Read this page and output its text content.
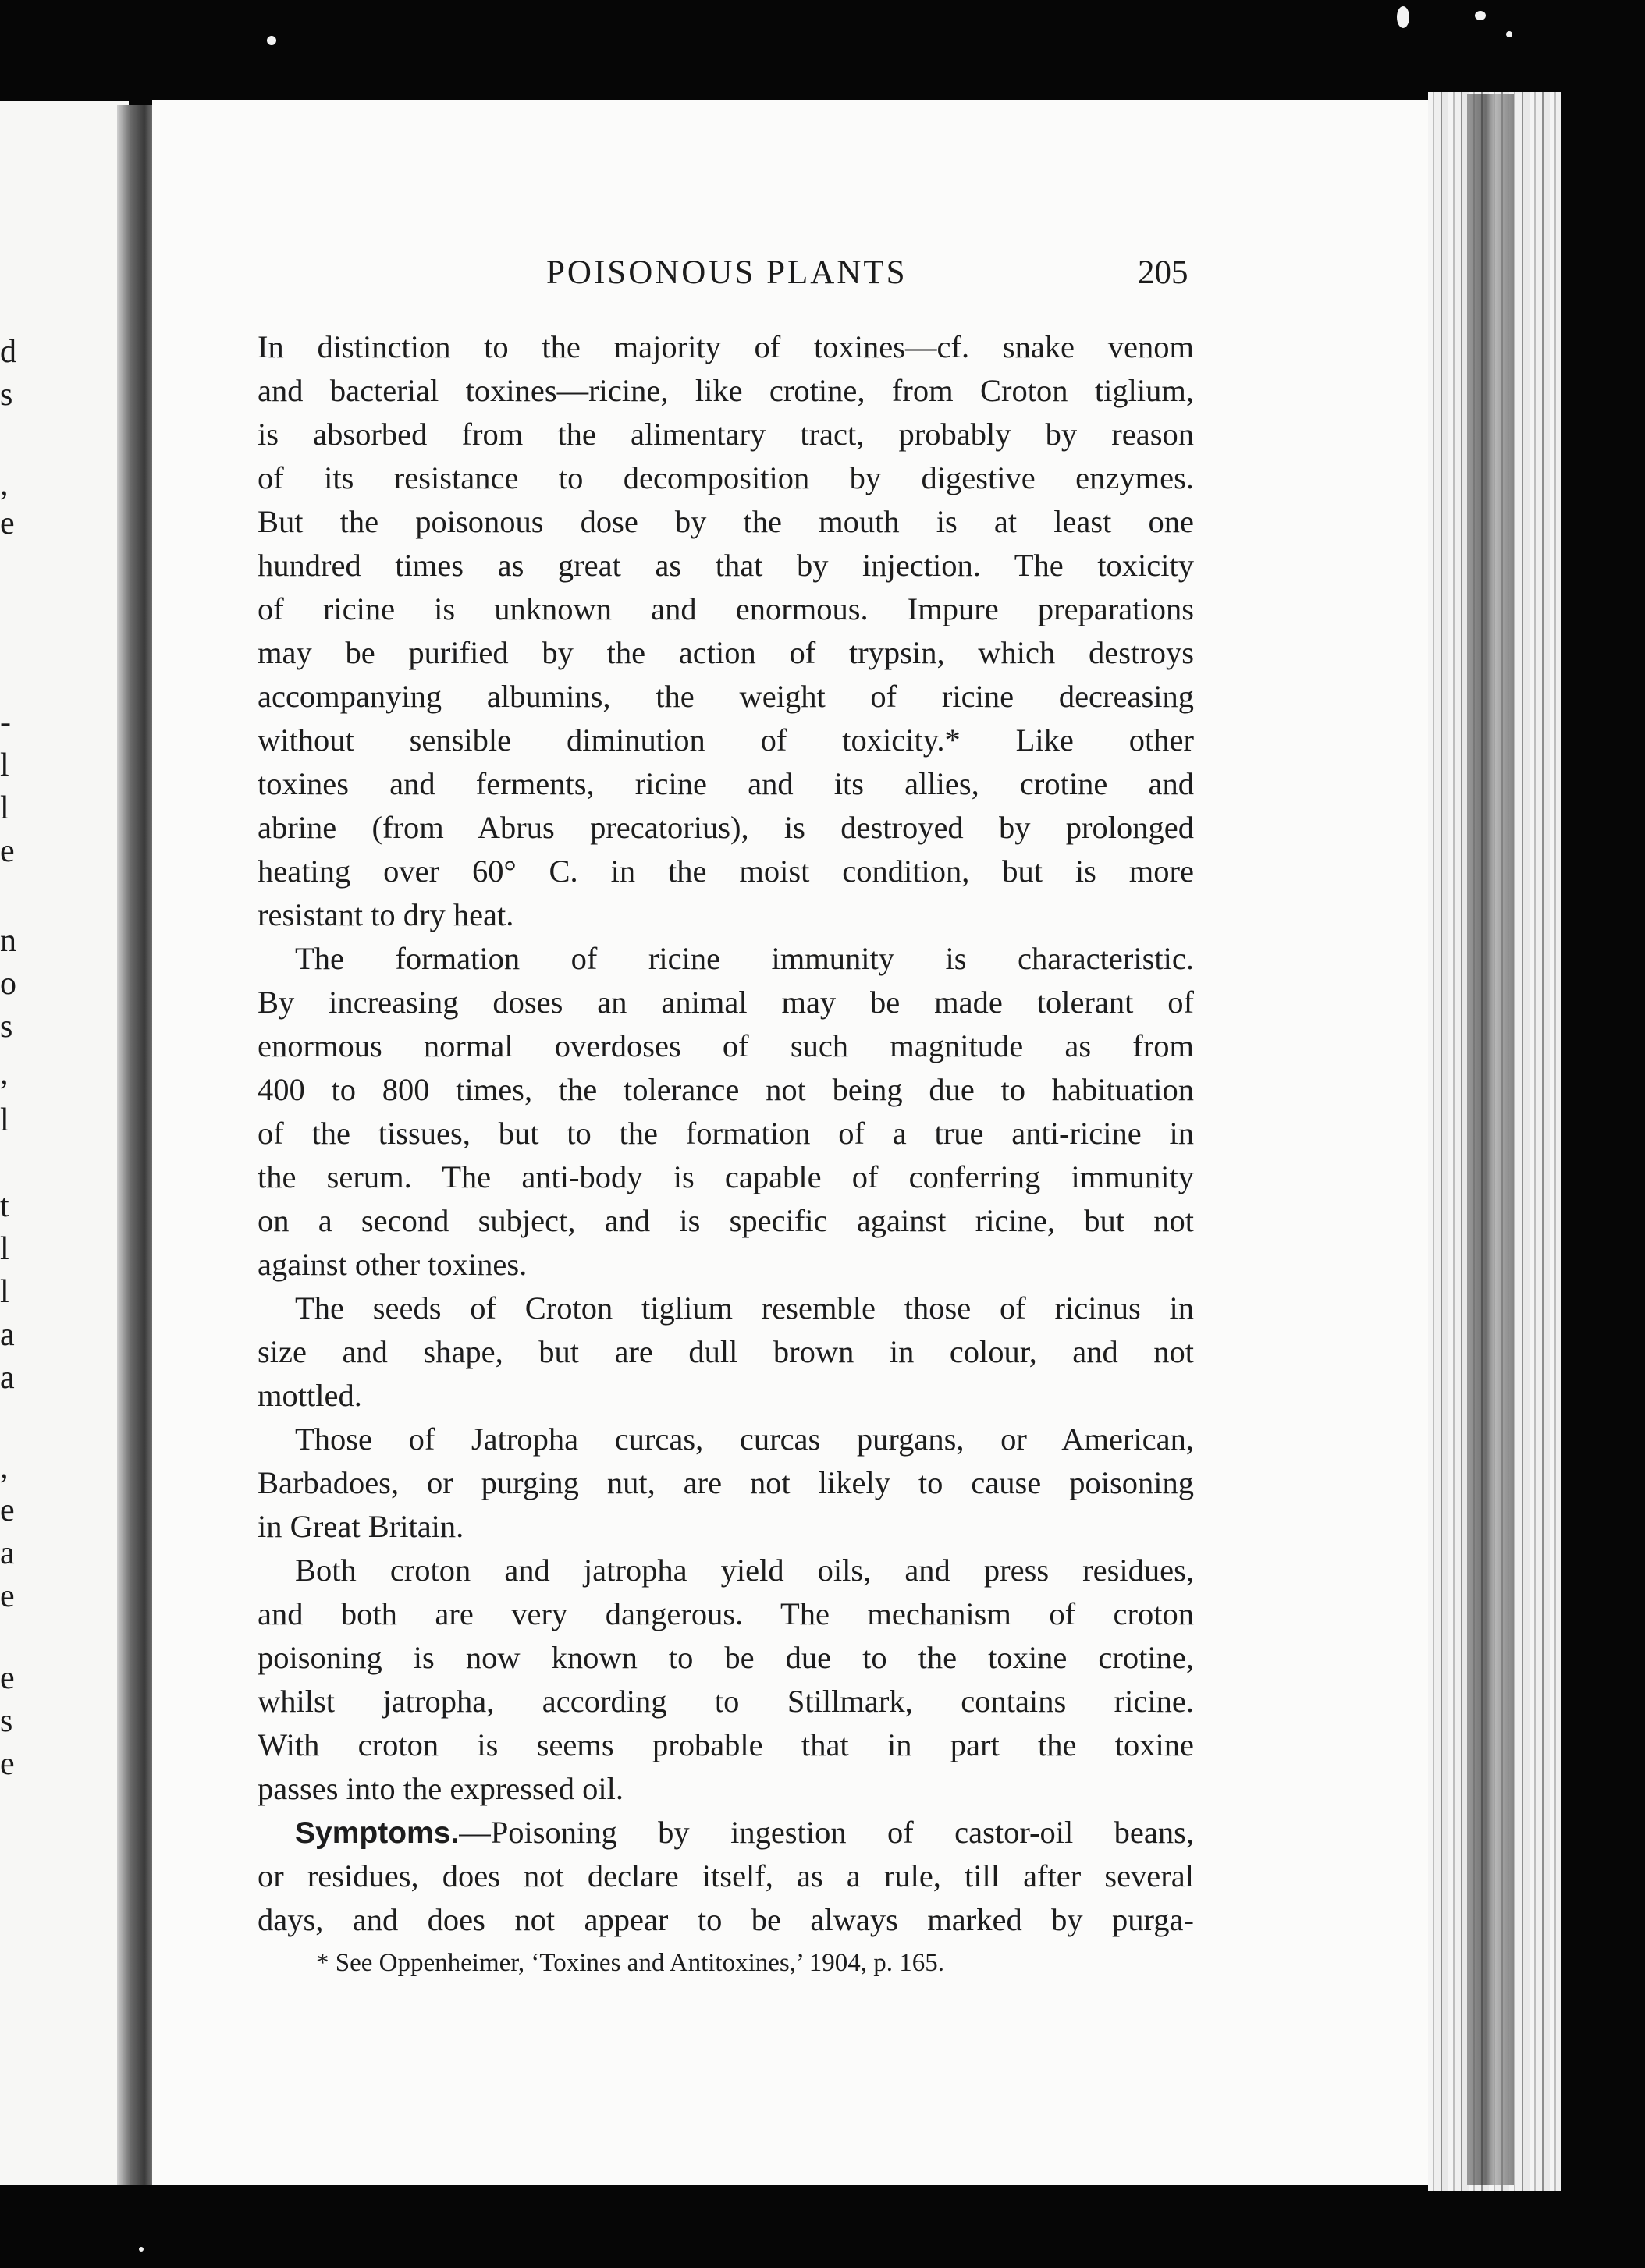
d
s
,
e
-
l
l
e
n
o
s
,
l
t
l
l
a
a
,
e
a
e
e
s
e
POISONOUS PLANTS	205
In distinction to the majority of toxines—cf. snake venom
and bacterial toxines—ricine, like crotine, from Croton tiglium,
is absorbed from the alimentary tract, probably by reason
of its resistance to decomposition by digestive enzymes.
But the poisonous dose by the mouth is at least one
hundred times as great as that by injection. The toxicity
of ricine is unknown and enormous. Impure preparations
may be purified by the action of trypsin, which destroys
accompanying albumins, the weight of ricine decreasing
without sensible diminution of toxicity.* Like other
toxines and ferments, ricine and its allies, crotine and
abrine (from Abrus precatorius), is destroyed by prolonged
heating over 60° C. in the moist condition, but is more
resistant to dry heat.
The formation of ricine immunity is characteristic.
By increasing doses an animal may be made tolerant of
enormous normal overdoses of such magnitude as from
400 to 800 times, the tolerance not being due to habituation
of the tissues, but to the formation of a true anti-ricine in
the serum. The anti-body is capable of conferring immunity
on a second subject, and is specific against ricine, but not
against other toxines.
The seeds of Croton tiglium resemble those of ricinus in
size and shape, but are dull brown in colour, and not
mottled.
Those of Jatropha curcas, curcas purgans, or American,
Barbadoes, or purging nut, are not likely to cause poisoning
in Great Britain.
Both croton and jatropha yield oils, and press residues,
and both are very dangerous. The mechanism of croton
poisoning is now known to be due to the toxine crotine,
whilst jatropha, according to Stillmark, contains ricine.
With croton is seems probable that in part the toxine
passes into the expressed oil.
Symptoms.—Poisoning by ingestion of castor-oil beans,
or residues, does not declare itself, as a rule, till after several
days, and does not appear to be always marked by purga-
* See Oppenheimer, ‘Toxines and Antitoxines,’ 1904, p. 165.
